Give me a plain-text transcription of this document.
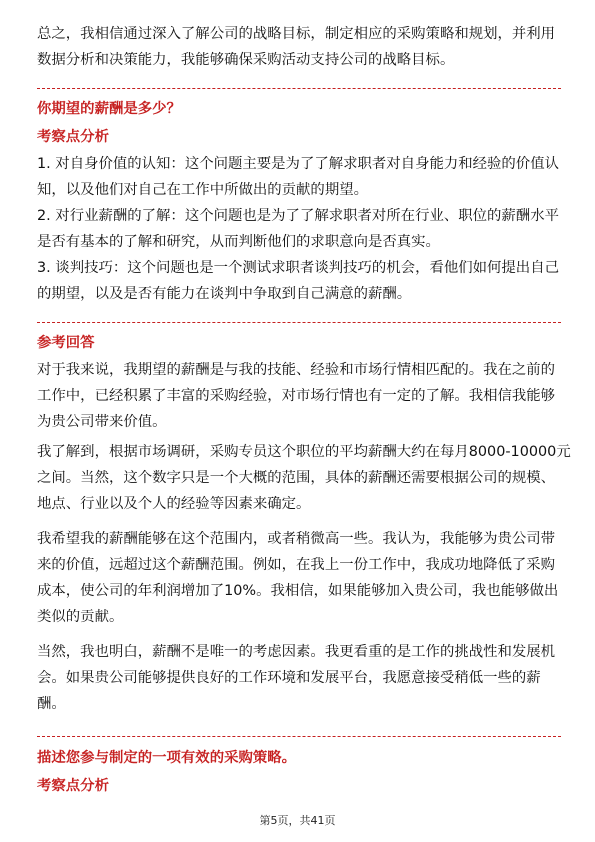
总之，我相信通过深入了解公司的战略目标，制定相应的采购策略和规划，并利用

数据分析和决策能力，我能够确保采购活动支持公司的战略目标。

你期望的薪酬是多少？

考察点分析

1. 对自身价值的认知：这个问题主要是为了了解求职者对自身能力和经验的价值认

知，以及他们对自己在工作中所做出的贡献的期望。

2. 对行业薪酬的了解：这个问题也是为了了解求职者对所在行业、职位的薪酬水平

是否有基本的了解和研究，从而判断他们的求职意向是否真实。

3. 谈判技巧：这个问题也是一个测试求职者谈判技巧的机会，看他们如何提出自己

的期望，以及是否有能力在谈判中争取到自己满意的薪酬。

参考回答

对于我来说，我期望的薪酬是与我的技能、经验和市场行情相匹配的。我在之前的

工作中，已经积累了丰富的采购经验，对市场行情也有一定的了解。我相信我能够

为贵公司带来价值。

我了解到，根据市场调研，采购专员这个职位的平均薪酬大约在每月8000-10000元

之间。当然，这个数字只是一个大概的范围，具体的薪酬还需要根据公司的规模、

地点、行业以及个人的经验等因素来确定。

我希望我的薪酬能够在这个范围内，或者稍微高一些。我认为，我能够为贵公司带

来的价值，远超过这个薪酬范围。例如，在我上一份工作中，我成功地降低了采购

成本，使公司的年利润增加了10%。我相信，如果能够加入贵公司，我也能够做出

类似的贡献。

当然，我也明白，薪酬不是唯一的考虑因素。我更看重的是工作的挑战性和发展机

会。如果贵公司能够提供良好的工作环境和发展平台，我愿意接受稍低一些的薪

酬。

描述您参与制定的一项有效的采购策略。

考察点分析

第5页，共41页
